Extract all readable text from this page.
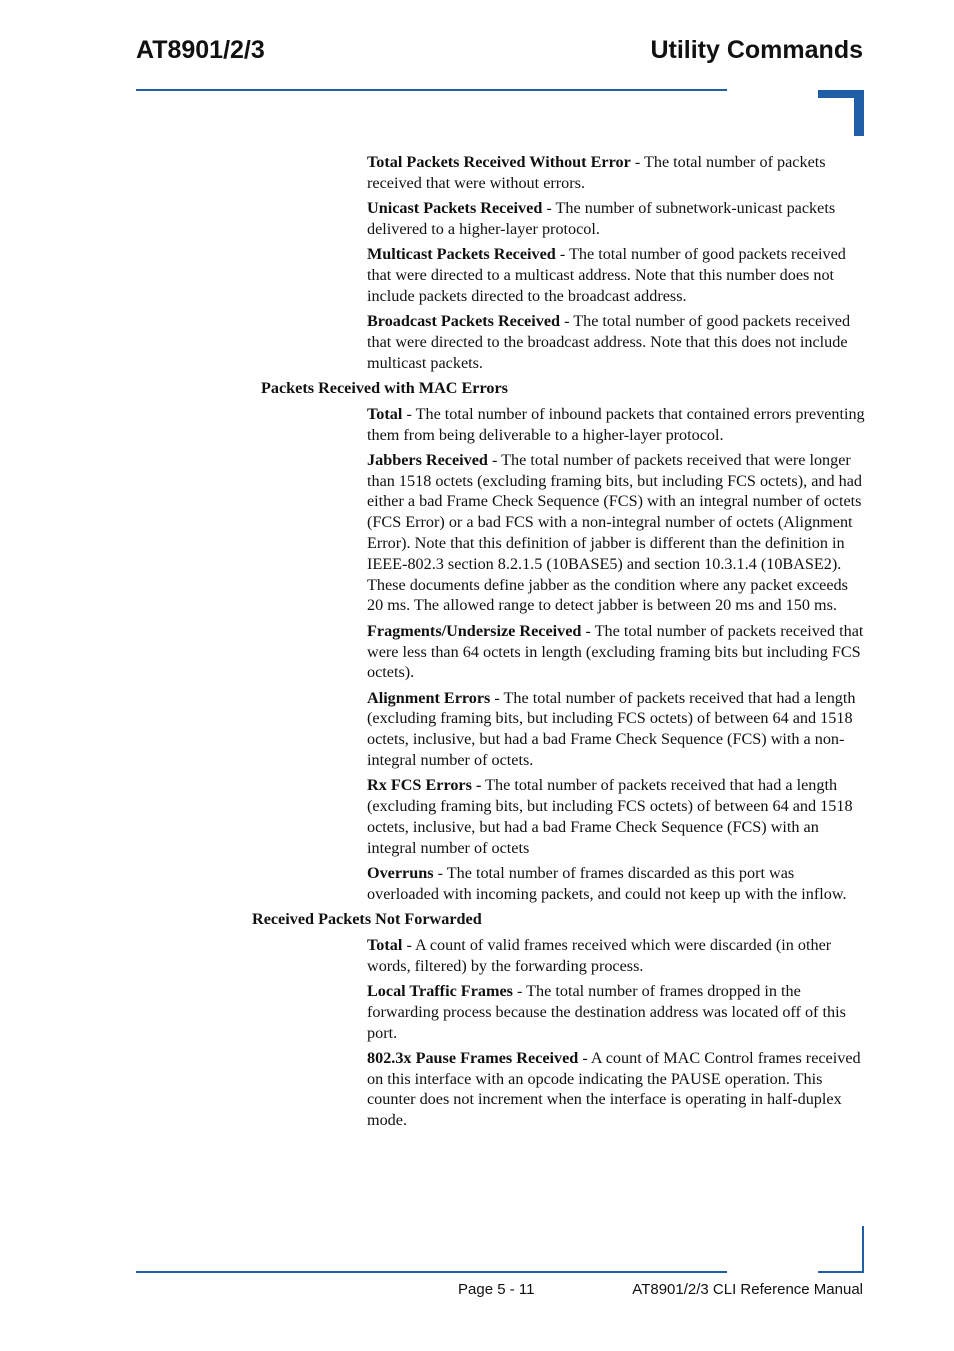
AT8901/2/3	Utility Commands
Total Packets Received Without Error - The total number of packets received that were without errors.
Unicast Packets Received - The number of subnetwork-unicast packets delivered to a higher-layer protocol.
Multicast Packets Received - The total number of good packets received that were directed to a multicast address. Note that this number does not include packets directed to the broadcast address.
Broadcast Packets Received - The total number of good packets received that were directed to the broadcast address. Note that this does not include multicast packets.
Packets Received with MAC Errors
Total - The total number of inbound packets that contained errors preventing them from being deliverable to a higher-layer protocol.
Jabbers Received - The total number of packets received that were longer than 1518 octets (excluding framing bits, but including FCS octets), and had either a bad Frame Check Sequence (FCS) with an integral number of octets (FCS Error) or a bad FCS with a non-integral number of octets (Alignment Error). Note that this definition of jabber is different than the definition in IEEE-802.3 section 8.2.1.5 (10BASE5) and section 10.3.1.4 (10BASE2). These documents define jabber as the condition where any packet exceeds 20 ms. The allowed range to detect jabber is between 20 ms and 150 ms.
Fragments/Undersize Received - The total number of packets received that were less than 64 octets in length (excluding framing bits but including FCS octets).
Alignment Errors - The total number of packets received that had a length (excluding framing bits, but including FCS octets) of between 64 and 1518 octets, inclusive, but had a bad Frame Check Sequence (FCS) with a non-integral number of octets.
Rx FCS Errors - The total number of packets received that had a length (excluding framing bits, but including FCS octets) of between 64 and 1518 octets, inclusive, but had a bad Frame Check Sequence (FCS) with an integral number of octets
Overruns - The total number of frames discarded as this port was overloaded with incoming packets, and could not keep up with the inflow.
Received Packets Not Forwarded
Total - A count of valid frames received which were discarded (in other words, filtered) by the forwarding process.
Local Traffic Frames - The total number of frames dropped in the forwarding process because the destination address was located off of this port.
802.3x Pause Frames Received - A count of MAC Control frames received on this interface with an opcode indicating the PAUSE operation. This counter does not increment when the interface is operating in half-duplex mode.
Page 5 - 11	AT8901/2/3 CLI Reference Manual
